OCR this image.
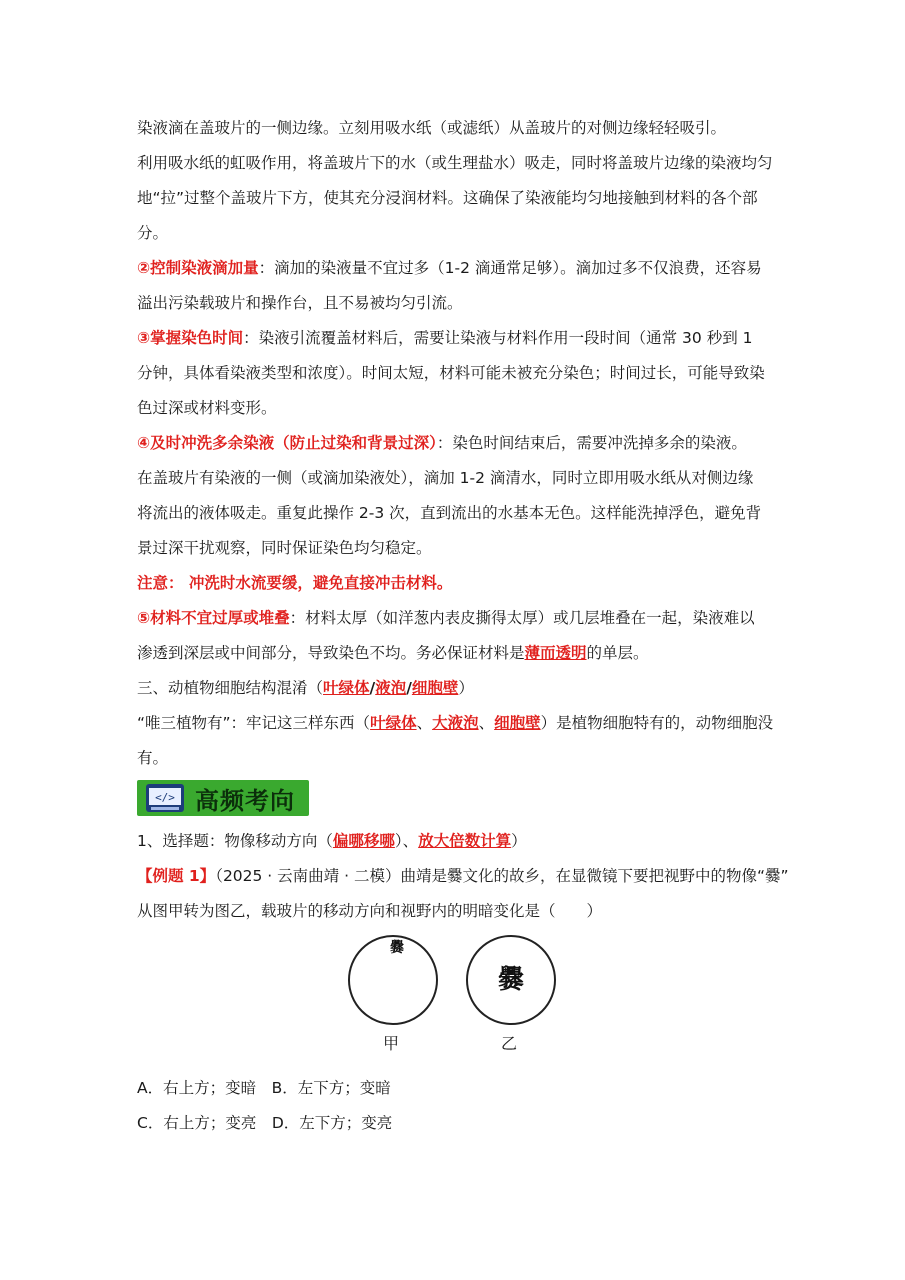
染液滴在盖玻片的一侧边缘。立刻用吸水纸（或滤纸）从盖玻片的对侧边缘轻轻吸引。

利用吸水纸的虹吸作用，将盖玻片下的水（或生理盐水）吸走，同时将盖玻片边缘的染液均匀

地“拉”过整个盖玻片下方，使其充分浸润材料。这确保了染液能均匀地接触到材料的各个部

分。

②控制染液滴加量：滴加的染液量不宜过多（1-2 滴通常足够）。滴加过多不仅浪费，还容易

溢出污染载玻片和操作台，且不易被均匀引流。

③掌握染色时间：染液引流覆盖材料后，需要让染液与材料作用一段时间（通常 30 秒到 1

分钟，具体看染液类型和浓度）。时间太短，材料可能未被充分染色；时间过长，可能导致染

色过深或材料变形。

④及时冲洗多余染液（防止过染和背景过深）：染色时间结束后，需要冲洗掉多余的染液。

在盖玻片有染液的一侧（或滴加染液处），滴加 1-2 滴清水，同时立即用吸水纸从对侧边缘

将流出的液体吸走。重复此操作 2-3 次，直到流出的水基本无色。这样能洗掉浮色，避免背

景过深干扰观察，同时保证染色均匀稳定。

注意： 冲洗时水流要缓，避免直接冲击材料。

⑤材料不宜过厚或堆叠：材料太厚（如洋葱内表皮撕得太厚）或几层堆叠在一起，染液难以

渗透到深层或中间部分，导致染色不均。务必保证材料是薄而透明的单层。

三、动植物细胞结构混淆（叶绿体/液泡/细胞壁）

“唯三植物有”：牢记这三样东西（叶绿体、大液泡、细胞壁）是植物细胞特有的，动物细胞没

有。

</> 高频考向

1、选择题：物像移动方向（偏哪移哪）、放大倍数计算）

【例题 1】（2025 · 云南曲靖 · 二模）曲靖是爨文化的故乡，在显微镜下要把视野中的物像“爨”

从图甲转为图乙，载玻片的移动方向和视野内的明暗变化是（　　）

爨
爨
甲	乙

A．右上方；变暗　B．左下方；变暗

C．右上方；变亮　D．左下方；变亮
